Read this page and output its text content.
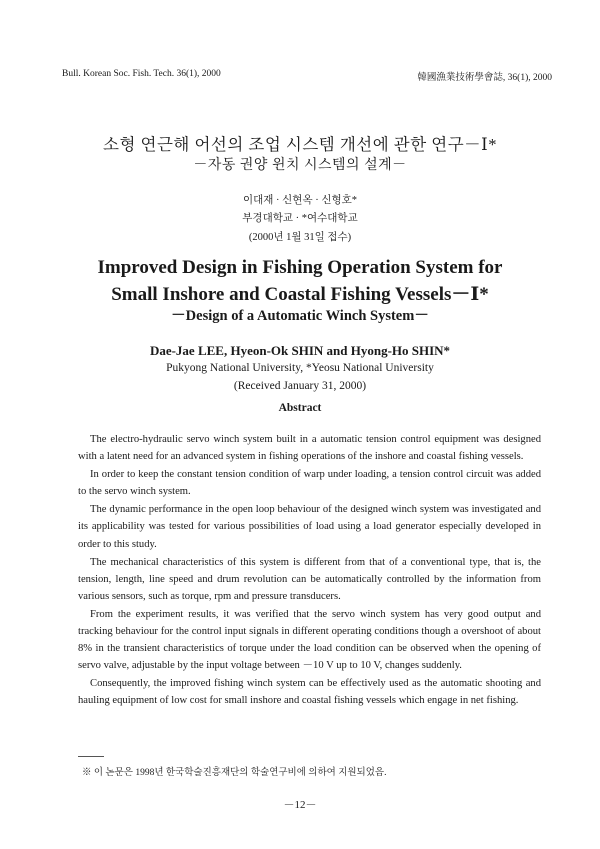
Bull. Korean Soc. Fish. Tech. 36(1), 2000	韓國漁業技術學會誌, 36(1), 2000
소형 연근해 어선의 조업 시스템 개선에 관한 연구－Ⅰ*
－자동 권양 윈치 시스템의 설계－
이대재 · 신현옥 · 신형호*
부경대학교 · *여수대학교
(2000년 1월 31일 접수)
Improved Design in Fishing Operation System for
Small Inshore and Coastal Fishing Vessels－Ⅰ*
－Design of a Automatic Winch System－
Dae-Jae LEE, Hyeon-Ok SHIN and Hyong-Ho SHIN*
Pukyong National University, *Yeosu National University
(Received January 31, 2000)
Abstract

The electro-hydraulic servo winch system built in a automatic tension control equipment was designed with a latent need for an advanced system in fishing operations of the inshore and coastal fishing vessels.

In order to keep the constant tension condition of warp under loading, a tension control circuit was added to the servo winch system.

The dynamic performance in the open loop behaviour of the designed winch system was investigated and its applicability was tested for various possibilities of load using a load generator especially developed in order to this study.

The mechanical characteristics of this system is different from that of a conventional type, that is, the tension, length, line speed and drum revolution can be automatically controlled by the information from various sensors, such as torque, rpm and pressure transducers.

From the experiment results, it was verified that the servo winch system has very good output and tracking behaviour for the control input signals in different operating conditions though a overshoot of about 8% in the transient characteristics of torque under the load condition can be observed when the opening of servo valve, adjustable by the input voltage between －10 V up to 10 V, changes suddenly.

Consequently, the improved fishing winch system can be effectively used as the automatic shooting and hauling equipment of low cost for small inshore and coastal fishing vessels which engage in net fishing.

※ 이 논문은 1998년 한국학술진흥재단의 학술연구비에 의하여 지원되었음.
－12－
